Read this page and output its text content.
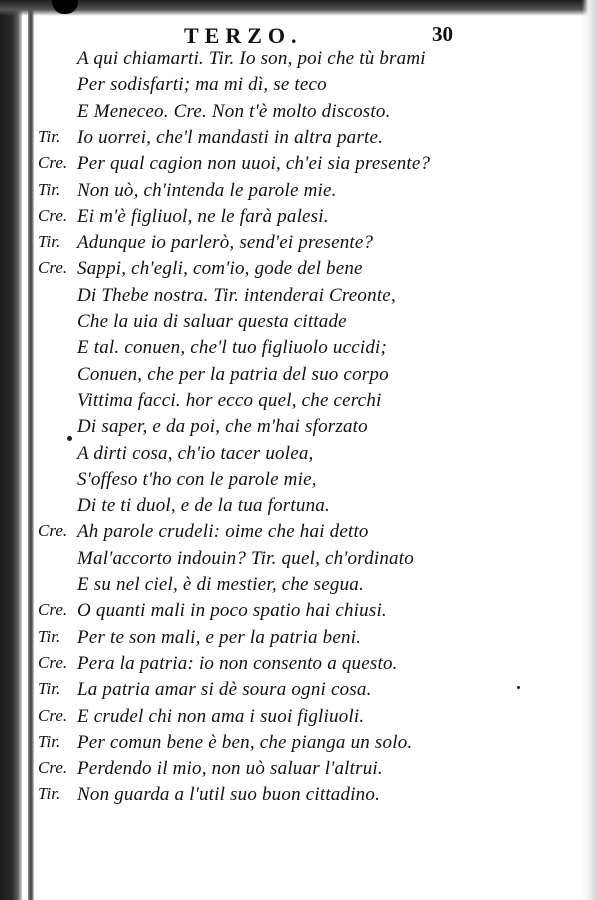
TERZO.	30
A qui chiamarti. Tir. Io son, poi che tù brami
Per sodisfarti; ma mi dì, se teco
E Meneceo. Cre. Non t'è molto discosto.
Tir. Io uorrei, che'l mandasti in altra parte.
Cre. Per qual cagion non uuoi, ch'ei sia presente?
Tir. Non uò, ch'intenda le parole mie.
Cre. Ei m'è figliuol, ne le farà palesi.
Tir. Adunque io parlerò, send'ei presente?
Cre. Sappi, ch'egli, com'io, gode del bene
Di Thebe nostra. Tir. intenderai Creonte,
Che la uia di saluar questa cittade
E tal. conuen, che'l tuo figliuolo uccidi;
Conuen, che per la patria del suo corpo
Vittima facci. hor ecco quel, che cerchi
Di saper, e da poi, che m'hai sforzato
A dirti cosa, ch'io tacer uolea,
S'offeso t'ho con le parole mie,
Di te ti duol, e de la tua fortuna.
Cre. Ah parole crudeli: oime che hai detto
Mal'accorto indouin? Tir. quel, ch'ordinato
E su nel ciel, è di mestier, che segua.
Cre. O quanti mali in poco spatio hai chiusi.
Tir. Per te son mali, e per la patria beni.
Cre. Pera la patria: io non consento a questo.
Tir. La patria amar si dè soura ogni cosa.
Cre. E crudel chi non ama i suoi figliuoli.
Tir. Per comun bene è ben, che pianga un solo.
Cre. Perdendo il mio, non uò saluar l'altrui.
Tir. Non guarda a l'util suo buon cittadino.
